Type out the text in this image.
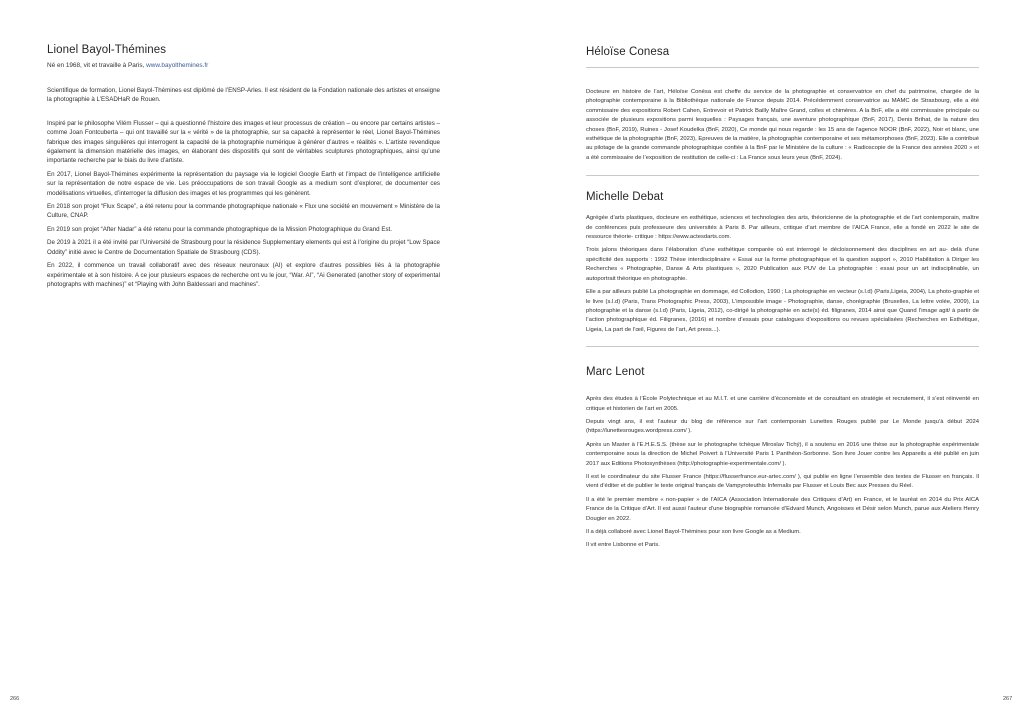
Lionel Bayol-Thémines
Né en 1968, vit et travaille à Paris, www.bayolthemines.fr

Scientifique de formation, Lionel Bayol-Thémines est diplômé de l’ENSP-Arles. Il est résident de la Fondation nationale des artistes et enseigne la photographie à L’ESADHaR de Rouen.

Inspiré par le philosophe Vilém Flusser – qui a questionné l’histoire des images et leur processus de création – ou encore par certains artistes – comme Joan Fontcuberta – qui ont travaillé sur la « vérité » de la photographie, sur sa capacité à représenter le réel, Lionel Bayol-Thémines fabrique des images singulières qui interrogent la capacité de la photographie numérique à générer d’autres « réalités ». L’artiste revendique également la dimension matérielle des images, en élaborant des dispositifs qui sont de véritables sculptures photographiques, ainsi qu’une importante recherche par le biais du livre d’artiste.

En 2017, Lionel Bayol-Thémines expérimente la représentation du paysage via le logiciel Google Earth et l’impact de l’intelligence artificielle sur la représentation de notre espace de vie. Les préoccupations de son travail Google as a medium sont d’explorer, de documenter ces modélisations virtuelles, d’interroger la diffusion des images et les programmes qui les génèrent.

En 2018 son projet “Flux Scape”, a été retenu pour la commande photographique nationale « Flux une société en mouvement » Ministère de la Culture, CNAP.

En 2019 son projet “After Nadar” a été retenu pour la commande photographique de la Mission Photographique du Grand Est.

De 2019 à 2021 il a été invité par l’Université de Strasbourg pour la résidence Supplementary elements qui est à l’origine du projet “Low Space Oddity” initié avec le Centre de Documentation Spatiale de Strasbourg (CDS).

En 2022, il commence un travail collaboratif avec des réseaux neuronaux (AI) et explore d’autres possibles liés à la photographie expérimentale et à son histoire. A ce jour plusieurs espaces de recherche ont vu le jour, “War. AI”, “Ai Generated (another story of experimental photographs with machines)” et “Playing with John Baldessari and machines”.

266
Héloïse Conesa

Docteure en histoire de l’art, Héloïse Conésa est cheffe du service de la photographie et conservatrice en chef du patrimoine, chargée de la photographie contemporaine à la Bibliothèque nationale de France depuis 2014. Précédemment conservatrice au MAMC de Strasbourg, elle a été commissaire des expositions Robert Cahen, Entrevoir et Patrick Bailly Maître Grand, colles et chimères. A la BnF, elle a été commissaire principale ou associée de plusieurs expositions parmi lesquelles : Paysages français, une aventure photographique (BnF, 2017), Denis Brihat, de la nature des choses (BnF, 2019), Ruines - Josef Koudelka (BnF, 2020), Ce monde qui nous regarde : les 15 ans de l’agence NOOR (BnF, 2022), Noir et blanc, une esthétique de la photographie (BnF, 2023), Epreuves de la matière, la photographie contemporaine et ses métamorphoses (BnF, 2023). Elle a contribué au pilotage de la grande commande photographique confiée à la BnF par le Ministère de la culture : « Radioscopie de la France des années 2020 » et a été commissaire de l’exposition de restitution de celle-ci : La France sous leurs yeux (BnF, 2024).

Michelle Debat

Agrégée d’arts plastiques, docteure en esthétique, sciences et technologies des arts, théoricienne de la photographie et de l’art contemporain, maître de conférences puis professeure des universités à Paris 8. Par ailleurs, critique d’art membre de l’AICA France, elle a fondé en 2022 le site de ressource théorie- critique : https://www.actesdarts.com.

Trois jalons théoriques dans l’élaboration d’une esthétique comparée où est interrogé le décloisonnement des disciplines en art au- delà d’une spécificité des supports : 1992 Thèse interdisciplinaire « Essai sur la forme photographique et la question support », 2010 Habilitation à Diriger les Recherches « Photographie, Danse & Arts plastiques », 2020 Publication aux PUV de La photographie : essai pour un art indisciplinable, un autoportrait théorique en photographie.

Elle a par ailleurs publié La photographie en dommage, éd Collodion, 1990 ; La photographie en vecteur (s.l.d) (Paris,Ligeia, 2004), La photo-graphie et le livre (s.l.d) (Paris, Trans Photographic Press, 2003), L’impossible image - Photographie, danse, chorégraphie (Bruxelles, La lettre volée, 2009), La photographie et la danse (s.l.d) (Paris, Ligeia, 2012), co-dirigé la photographie en acte(s) éd. filigranes, 2014 ainsi que Quand l’image agit/ à partir de l’action photographique éd. Filigranes, (2016) et nombre d’essais pour catalogues d’expositions ou revues spécialisées (Recherches en Esthétique, Ligeia, La part de l’œil, Figures de l’art, Art press...).

Marc Lenot

Après des études à l’École Polytechnique et au M.I.T. et une carrière d’économiste et de consultant en stratégie et recrutement, il s’est réinventé en critique et historien de l’art en 2005.

Depuis vingt ans, il est l’auteur du blog de référence sur l’art contemporain Lunettes Rouges publié par Le Monde jusqu’à début 2024 (https://lunettesrouges.wordpress.com/ ).

Après un Master à l’E.H.E.S.S. (thèse sur le photographe tchèque Miroslav Tichý), il a soutenu en 2016 une thèse sur la photographie expérimentale contemporaine sous la direction de Michel Poivert à l’Université Paris 1 Panthéon-Sorbonne. Son livre Jouer contre les Appareils a été publié en juin 2017 aux Editions Photosynthèses (http://photographie-experimentale.com/ ).

Il est le coordinateur du site Flusser France (https://flusserfrance.eur-artec.com/ ), qui publie en ligne l’ensemble des textes de Flusser en français. Il vient d’éditer et de publier le texte original français de Vampyroteuthis Infernalis par Flusser et Louis Bec aux Presses du Réel.

Il a été le premier membre « non-papier » de l’AICA (Association Internationale des Critiques d’Art) en France, et le lauréat en 2014 du Prix AICA France de la Critique d’Art. Il est aussi l’auteur d’une biographie romancée d’Edvard Munch, Angoisses et Désir selon Munch, parue aux Ateliers Henry Dougier en 2022.

Il a déjà collaboré avec Lionel Bayol-Thémines pour son livre Google as a Medium.

Il vit entre Lisbonne et Paris.

267
